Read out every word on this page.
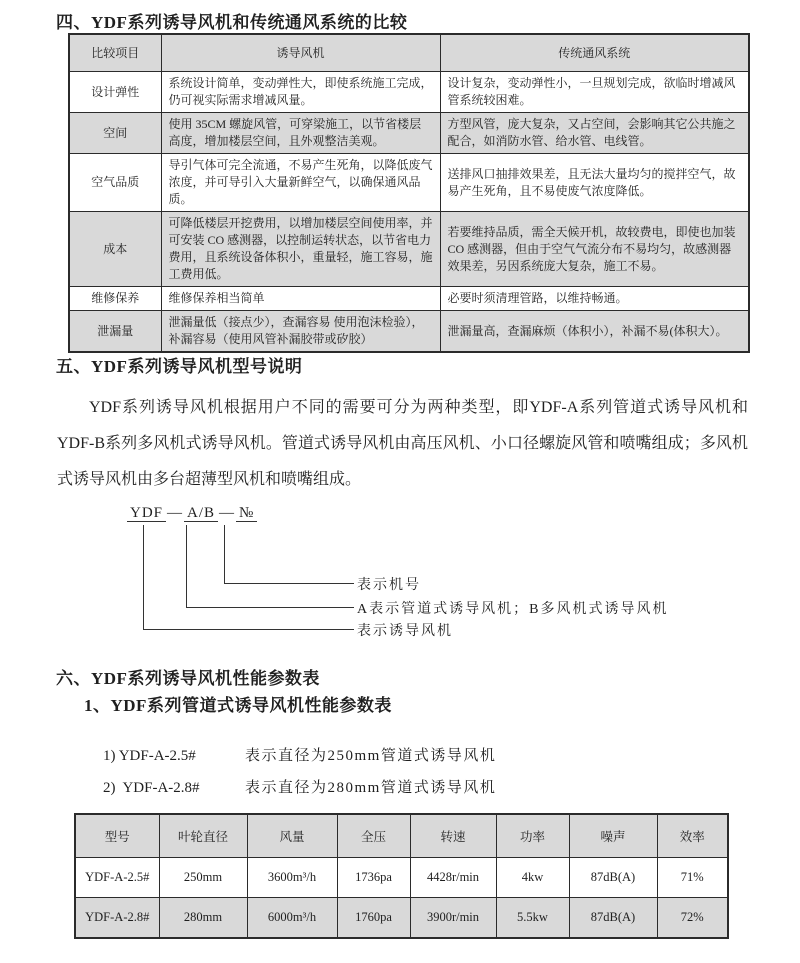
四、YDF系列诱导风机和传统通风系统的比较
比较项目	诱导风机	传统通风系统
设计弹性	系统设计简单，变动弹性大，即使系统施工完成，仍可视实际需求增减风量。	设计复杂，变动弹性小，一旦规划完成，欲临时增减风管系统较困难。
空间	使用 35CM 螺旋风管，可穿梁施工，以节省楼层高度，增加楼层空间，且外观整洁美观。	方型风管，庞大复杂，又占空间，会影响其它公共施之配合，如消防水管、给水管、电线管。
空气品质	导引气体可完全流通，不易产生死角，以降低废气浓度，并可导引入大量新鲜空气，以确保通风品质。	送排风口抽排效果差，且无法大量均匀的搅拌空气，故易产生死角，且不易使废气浓度降低。
成本	可降低楼层开挖费用，以增加楼层空间使用率，并可安装 CO 感测器，以控制运转状态，以节省电力费用，且系统设备体积小，重量轻，施工容易，施工费用低。	若要维持品质，需全天候开机，故较费电，即使也加装 CO 感测器，但由于空气气流分布不易均匀，故感测器效果差，另因系统庞大复杂，施工不易。
维修保养	维修保养相当简单	必要时须清理管路，以维持畅通。
泄漏量	泄漏量低（接点少），查漏容易 使用泡沫检验），补漏容易（使用风管补漏胶带或矽胶）	泄漏量高，查漏麻烦（体积小），补漏不易(体积大）。
五、YDF系列诱导风机型号说明
YDF系列诱导风机根据用户不同的需要可分为两种类型，即YDF-A系列管道式诱导风机和YDF-B系列多风机式诱导风机。管道式诱导风机由高压风机、小口径螺旋风管和喷嘴组成；多风机式诱导风机由多台超薄型风机和喷嘴组成。
YDF — A/B — №
表示机号
A表示管道式诱导风机；B多风机式诱导风机
表示诱导风机
六、YDF系列诱导风机性能参数表
1、YDF系列管道式诱导风机性能参数表

1) YDF-A-2.5#	表示直径为250mm管道式诱导风机

2)  YDF-A-2.8#	表示直径为280mm管道式诱导风机

型号	叶轮直径	风量	全压	转速	功率	噪声	效率
YDF-A-2.5#	250mm	3600m³/h	1736pa	4428r/min	4kw	87dB(A)	71%
YDF-A-2.8#	280mm	6000m³/h	1760pa	3900r/min	5.5kw	87dB(A)	72%
